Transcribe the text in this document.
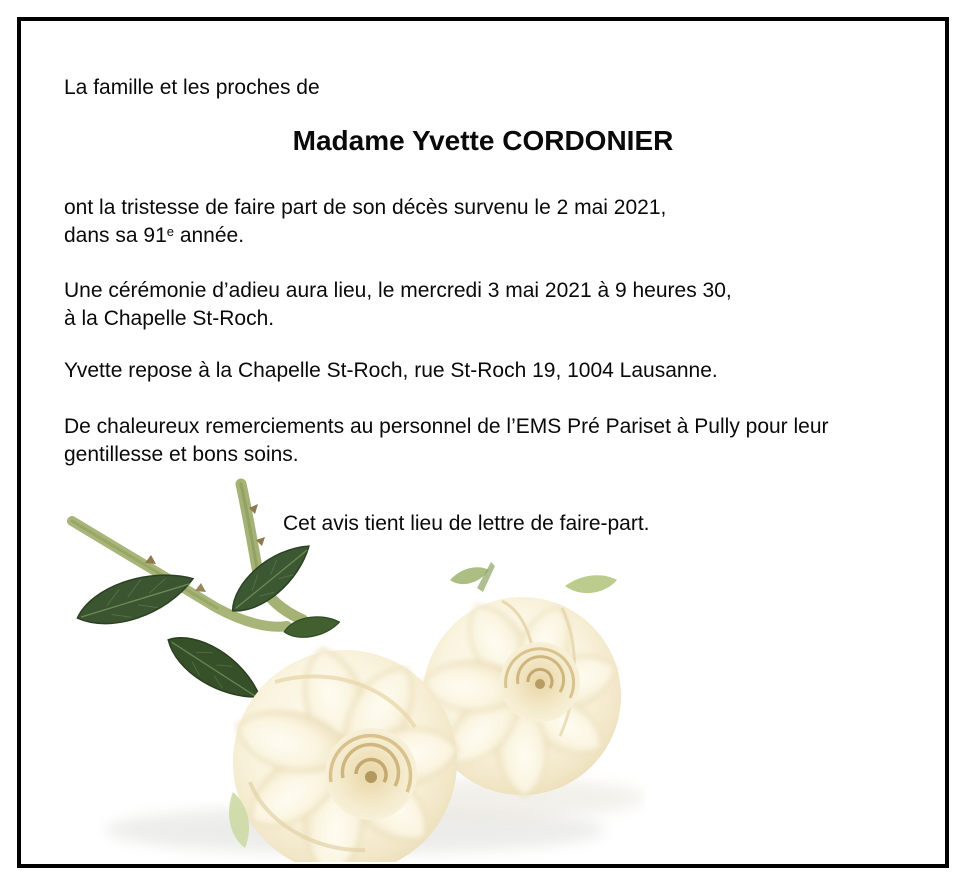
La famille et les proches de

Madame Yvette CORDONIER

ont la tristesse de faire part de son décès survenu le 2 mai 2021,
dans sa 91e année.

Une cérémonie d’adieu aura lieu, le mercredi 3 mai 2021 à 9 heures 30,
à la Chapelle St-Roch.

Yvette repose à la Chapelle St-Roch, rue St-Roch 19, 1004 Lausanne.

De chaleureux remerciements au personnel de l’EMS Pré Pariset à Pully pour leur
gentillesse et bons soins.

Cet avis tient lieu de lettre de faire-part.
